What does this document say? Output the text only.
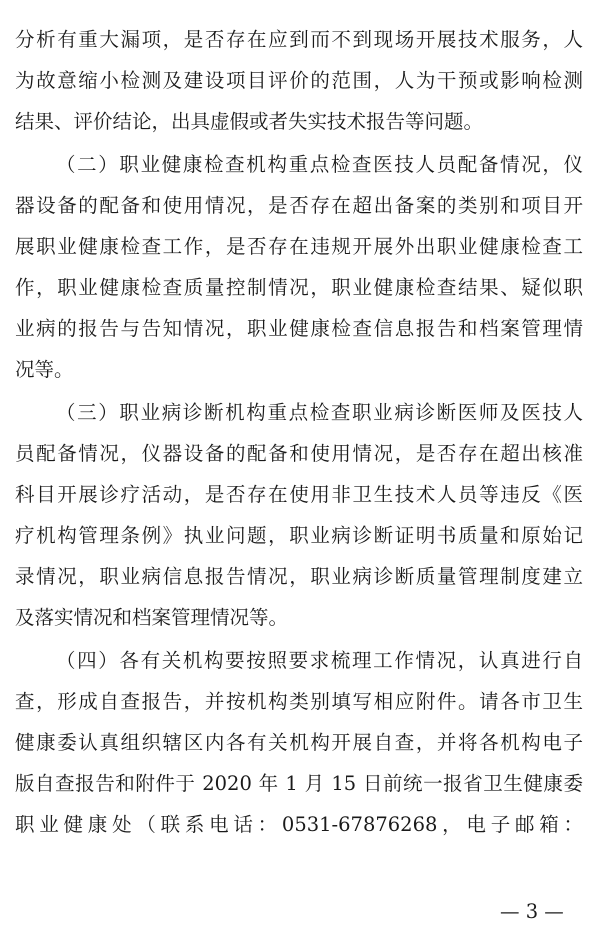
分析有重大漏项，是否存在应到而不到现场开展技术服务，人
为故意缩小检测及建设项目评价的范围，人为干预或影响检测
结果、评价结论，出具虚假或者失实技术报告等问题。
（二）职业健康检查机构重点检查医技人员配备情况，仪
器设备的配备和使用情况，是否存在超出备案的类别和项目开
展职业健康检查工作，是否存在违规开展外出职业健康检查工
作，职业健康检查质量控制情况，职业健康检查结果、疑似职
业病的报告与告知情况，职业健康检查信息报告和档案管理情
况等。
（三）职业病诊断机构重点检查职业病诊断医师及医技人
员配备情况，仪器设备的配备和使用情况，是否存在超出核准
科目开展诊疗活动，是否存在使用非卫生技术人员等违反《医
疗机构管理条例》执业问题，职业病诊断证明书质量和原始记
录情况，职业病信息报告情况，职业病诊断质量管理制度建立
及落实情况和档案管理情况等。
（四）各有关机构要按照要求梳理工作情况，认真进行自
查，形成自查报告，并按机构类别填写相应附件。请各市卫生
健康委认真组织辖区内各有关机构开展自查，并将各机构电子
版自查报告和附件于 2020 年 1 月 15 日前统一报省卫生健康委
职业健康处（联系电话：0531-67876268，电子邮箱：
— 3 —
